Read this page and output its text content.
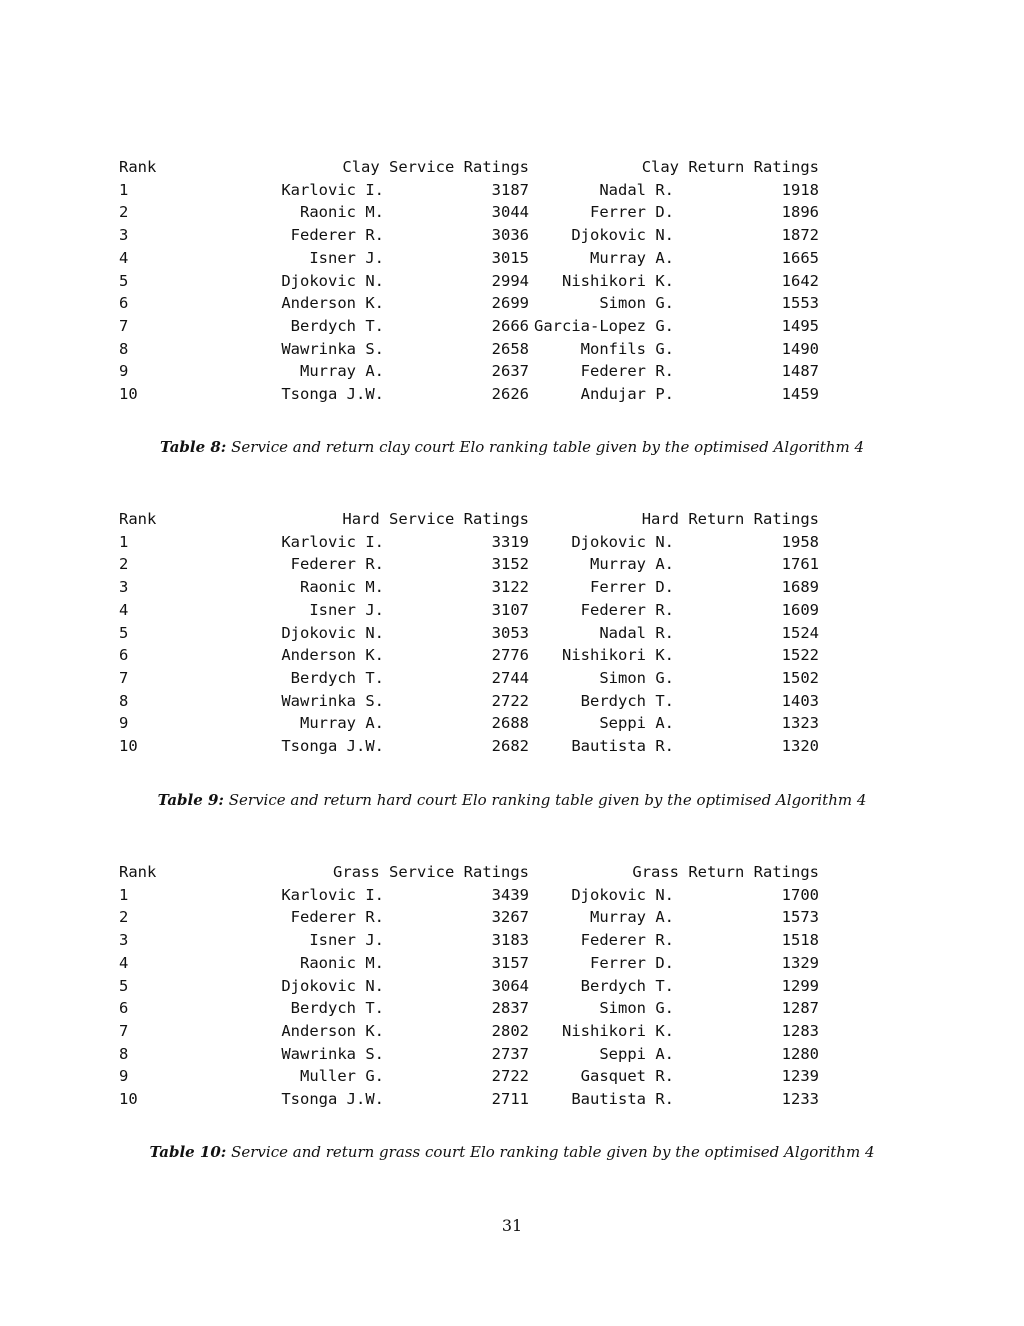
Rank	Clay Service Ratings		Clay Return Ratings	
1	Karlovic I.	3187	Nadal R.	1918
2	Raonic M.	3044	Ferrer D.	1896
3	Federer R.	3036	Djokovic N.	1872
4	Isner J.	3015	Murray A.	1665
5	Djokovic N.	2994	Nishikori K.	1642
6	Anderson K.	2699	Simon G.	1553
7	Berdych T.	2666	Garcia-Lopez G.	1495
8	Wawrinka S.	2658	Monfils G.	1490
9	Murray A.	2637	Federer R.	1487
10	Tsonga J.W.	2626	Andujar P.	1459
Table 8: Service and return clay court Elo ranking table given by the optimised Algorithm 4
Rank	Hard Service Ratings		Hard Return Ratings	
1	Karlovic I.	3319	Djokovic N.	1958
2	Federer R.	3152	Murray A.	1761
3	Raonic M.	3122	Ferrer D.	1689
4	Isner J.	3107	Federer R.	1609
5	Djokovic N.	3053	Nadal R.	1524
6	Anderson K.	2776	Nishikori K.	1522
7	Berdych T.	2744	Simon G.	1502
8	Wawrinka S.	2722	Berdych T.	1403
9	Murray A.	2688	Seppi A.	1323
10	Tsonga J.W.	2682	Bautista R.	1320
Table 9: Service and return hard court Elo ranking table given by the optimised Algorithm 4
Rank	Grass Service Ratings		Grass Return Ratings	
1	Karlovic I.	3439	Djokovic N.	1700
2	Federer R.	3267	Murray A.	1573
3	Isner J.	3183	Federer R.	1518
4	Raonic M.	3157	Ferrer D.	1329
5	Djokovic N.	3064	Berdych T.	1299
6	Berdych T.	2837	Simon G.	1287
7	Anderson K.	2802	Nishikori K.	1283
8	Wawrinka S.	2737	Seppi A.	1280
9	Muller G.	2722	Gasquet R.	1239
10	Tsonga J.W.	2711	Bautista R.	1233
Table 10: Service and return grass court Elo ranking table given by the optimised Algorithm 4
31
